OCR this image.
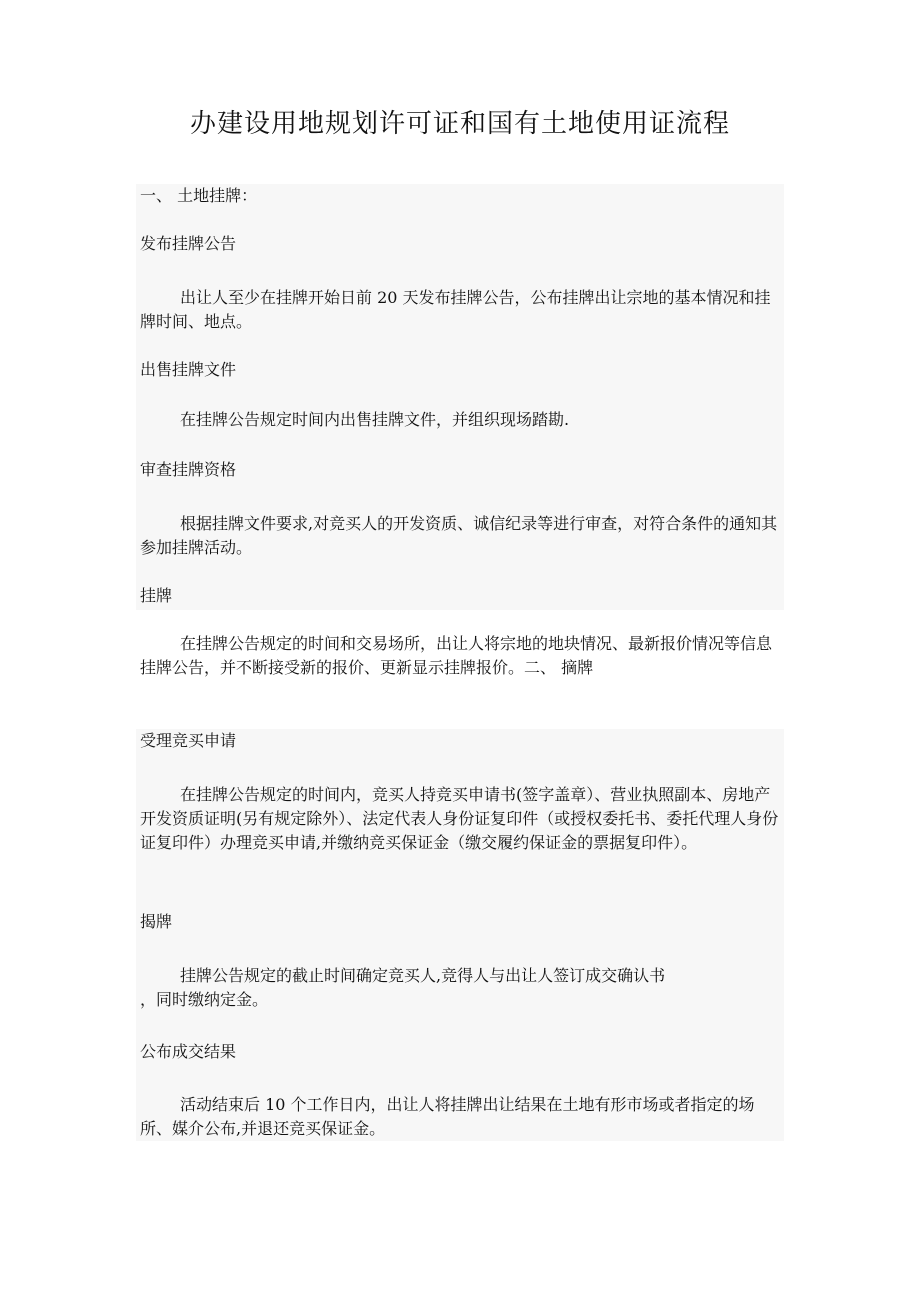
办建设用地规划许可证和国有土地使用证流程

一、 土地挂牌：

发布挂牌公告

出让人至少在挂牌开始日前 20 天发布挂牌公告，公布挂牌出让宗地的基本情况和挂牌时间、地点。

出售挂牌文件

在挂牌公告规定时间内出售挂牌文件，并组织现场踏勘.

审查挂牌资格

根据挂牌文件要求,对竞买人的开发资质、诚信纪录等进行审查，对符合条件的通知其参加挂牌活动。

挂牌

在挂牌公告规定的时间和交易场所，出让人将宗地的地块情况、最新报价情况等信息挂牌公告，并不断接受新的报价、更新显示挂牌报价。二、 摘牌

受理竞买申请

在挂牌公告规定的时间内，竞买人持竞买申请书(签字盖章）、营业执照副本、房地产开发资质证明(另有规定除外）、法定代表人身份证复印件（或授权委托书、委托代理人身份证复印件）办理竞买申请,并缴纳竞买保证金（缴交履约保证金的票据复印件）。

揭牌

挂牌公告规定的截止时间确定竞买人,竞得人与出让人签订成交确认书

，同时缴纳定金。

公布成交结果

活动结束后 10 个工作日内，出让人将挂牌出让结果在土地有形市场或者指定的场所、媒介公布,并退还竞买保证金。
